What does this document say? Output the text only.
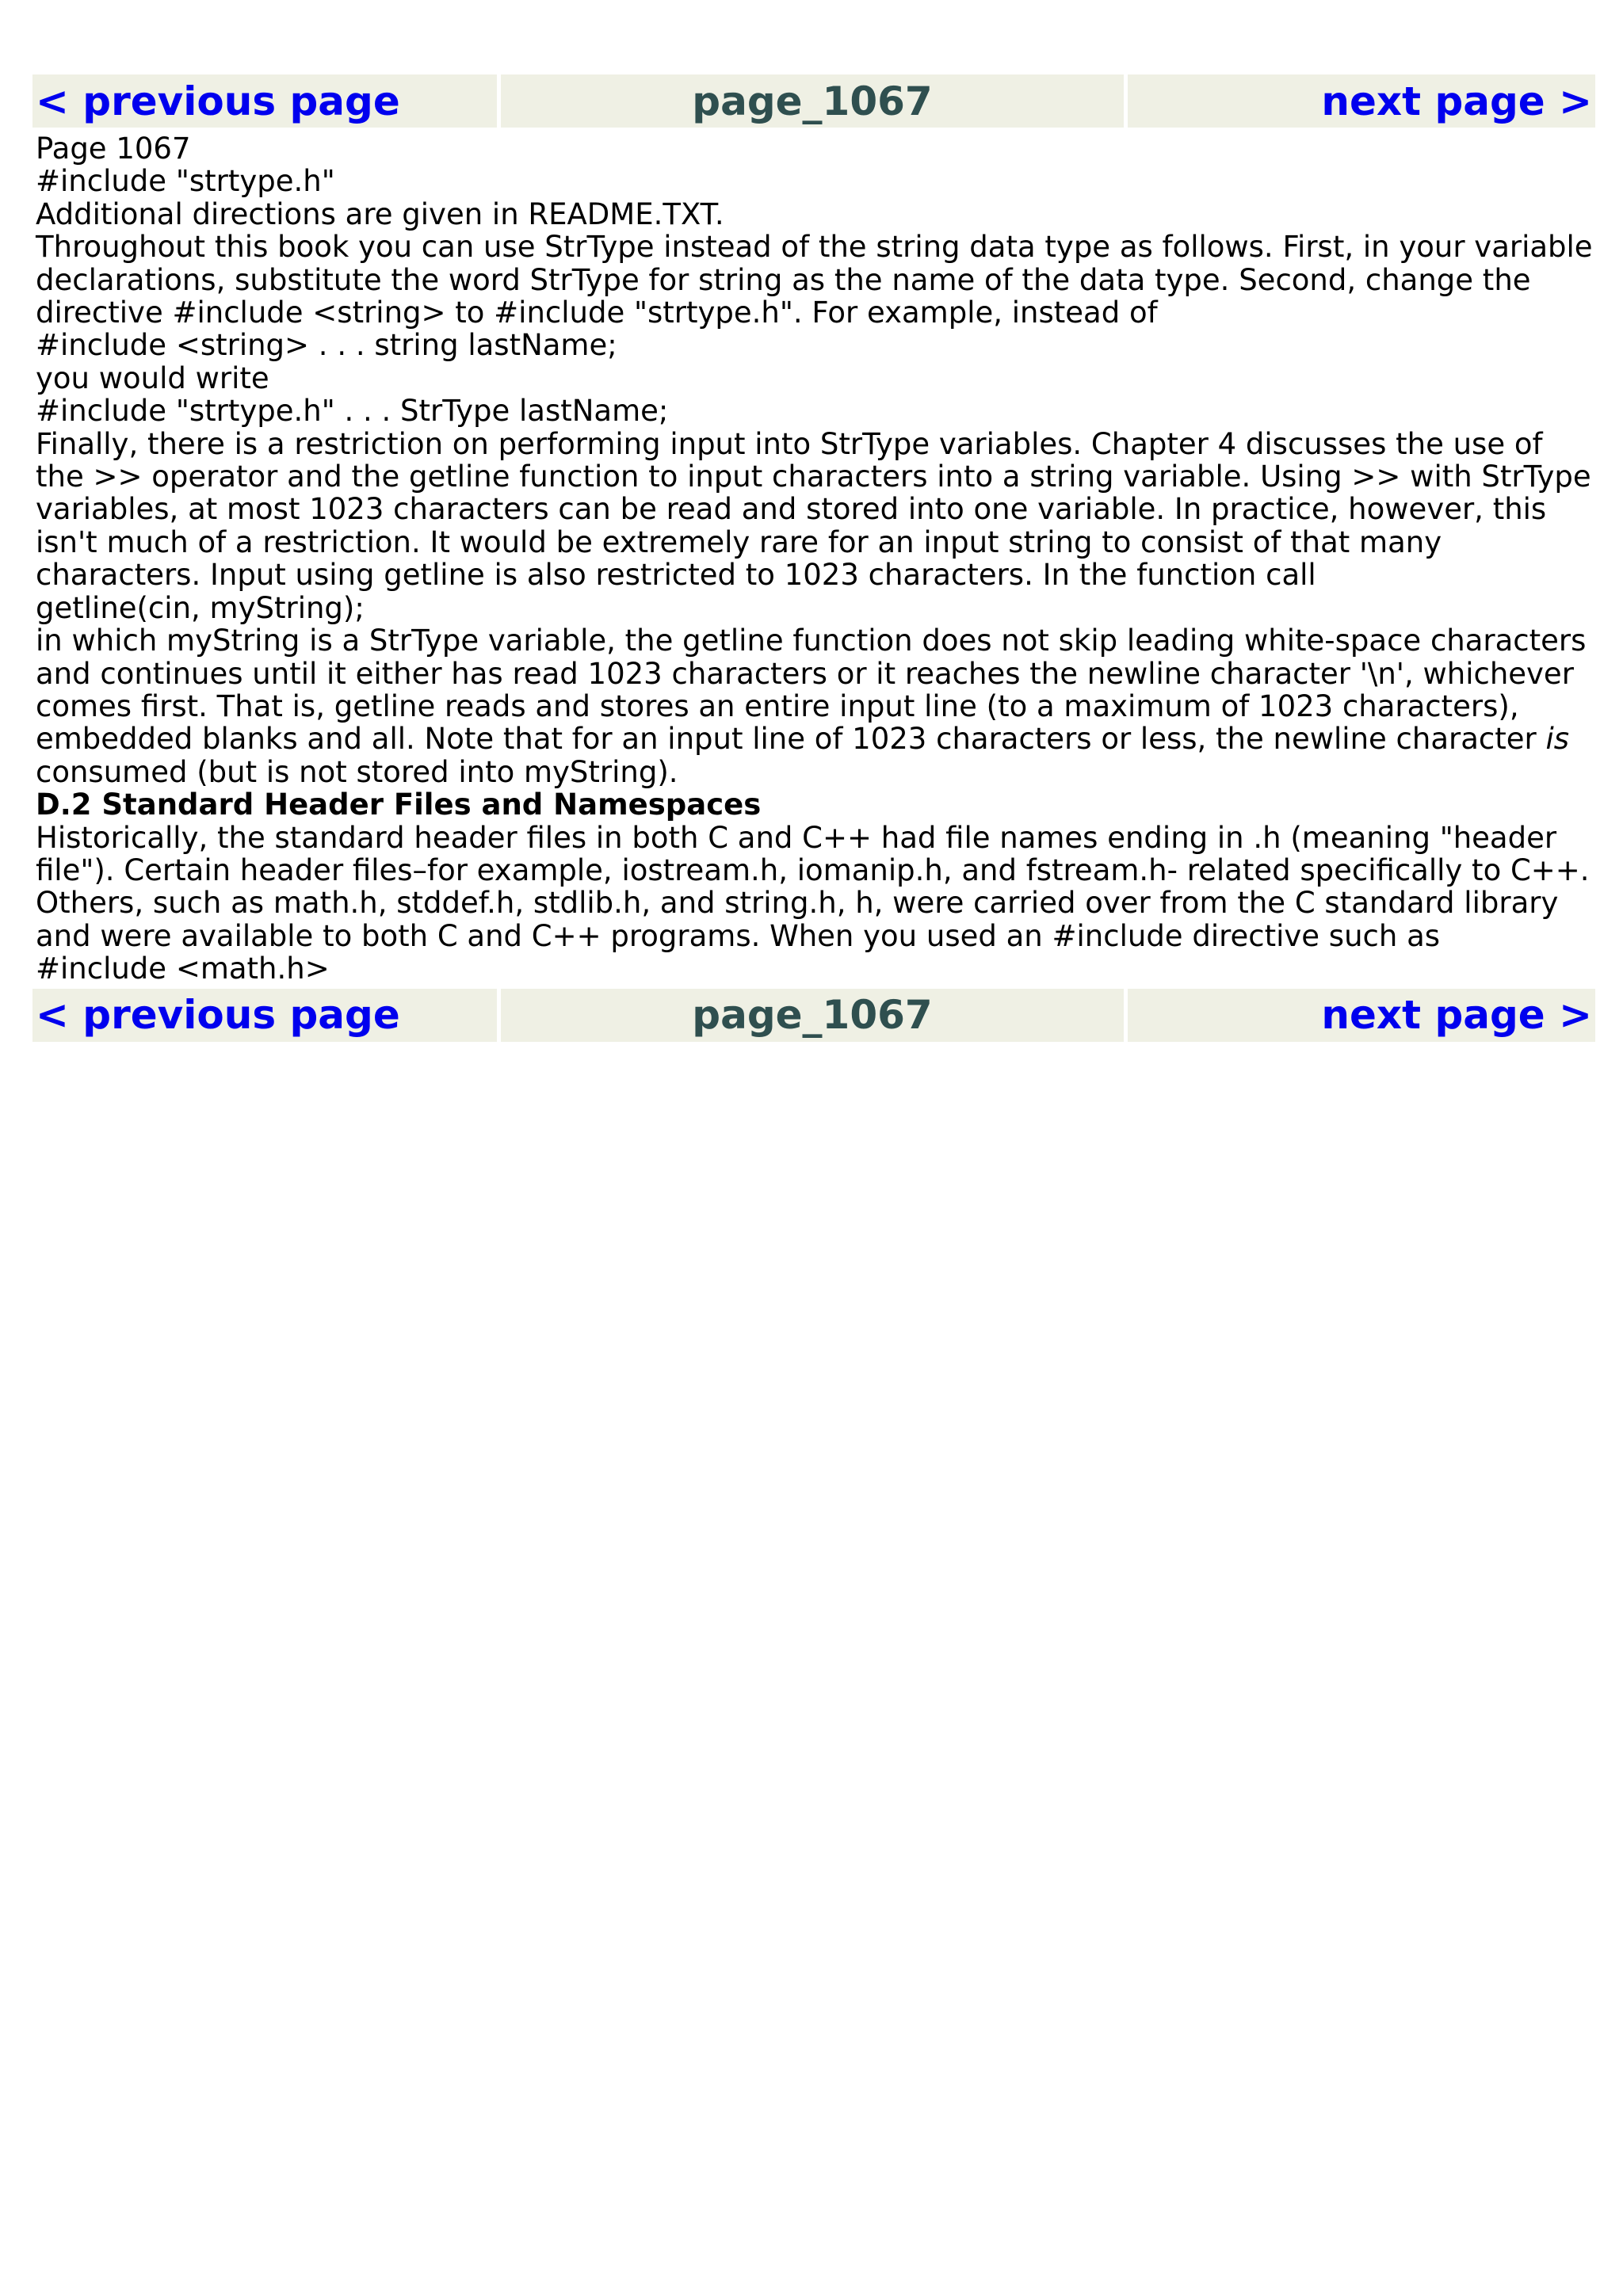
< previous page	page_1067	next page >

Page 1067

#include "strtype.h"

Additional directions are given in README.TXT.

Throughout this book you can use StrType instead of the string data type as follows. First, in your variable declarations, substitute the word StrType for string as the name of the data type. Second, change the directive #include <string> to #include "strtype.h". For example, instead of

#include <string> . . . string lastName;

you would write

#include "strtype.h" . . . StrType lastName;

Finally, there is a restriction on performing input into StrType variables. Chapter 4 discusses the use of the >> operator and the getline function to input characters into a string variable. Using >> with StrType variables, at most 1023 characters can be read and stored into one variable. In practice, however, this isn't much of a restriction. It would be extremely rare for an input string to consist of that many characters. Input using getline is also restricted to 1023 characters. In the function call

getline(cin, myString);

in which myString is a StrType variable, the getline function does not skip leading white-space characters and continues until it either has read 1023 characters or it reaches the newline character '\n', whichever comes first. That is, getline reads and stores an entire input line (to a maximum of 1023 characters), embedded blanks and all. Note that for an input line of 1023 characters or less, the newline character is consumed (but is not stored into myString).

D.2 Standard Header Files and Namespaces

Historically, the standard header files in both C and C++ had file names ending in .h (meaning "header file"). Certain header files–for example, iostream.h, iomanip.h, and fstream.h- related specifically to C++. Others, such as math.h, stddef.h, stdlib.h, and string.h, h, were carried over from the C standard library and were available to both C and C++ programs. When you used an #include directive such as

#include <math.h>

< previous page	page_1067	next page >
